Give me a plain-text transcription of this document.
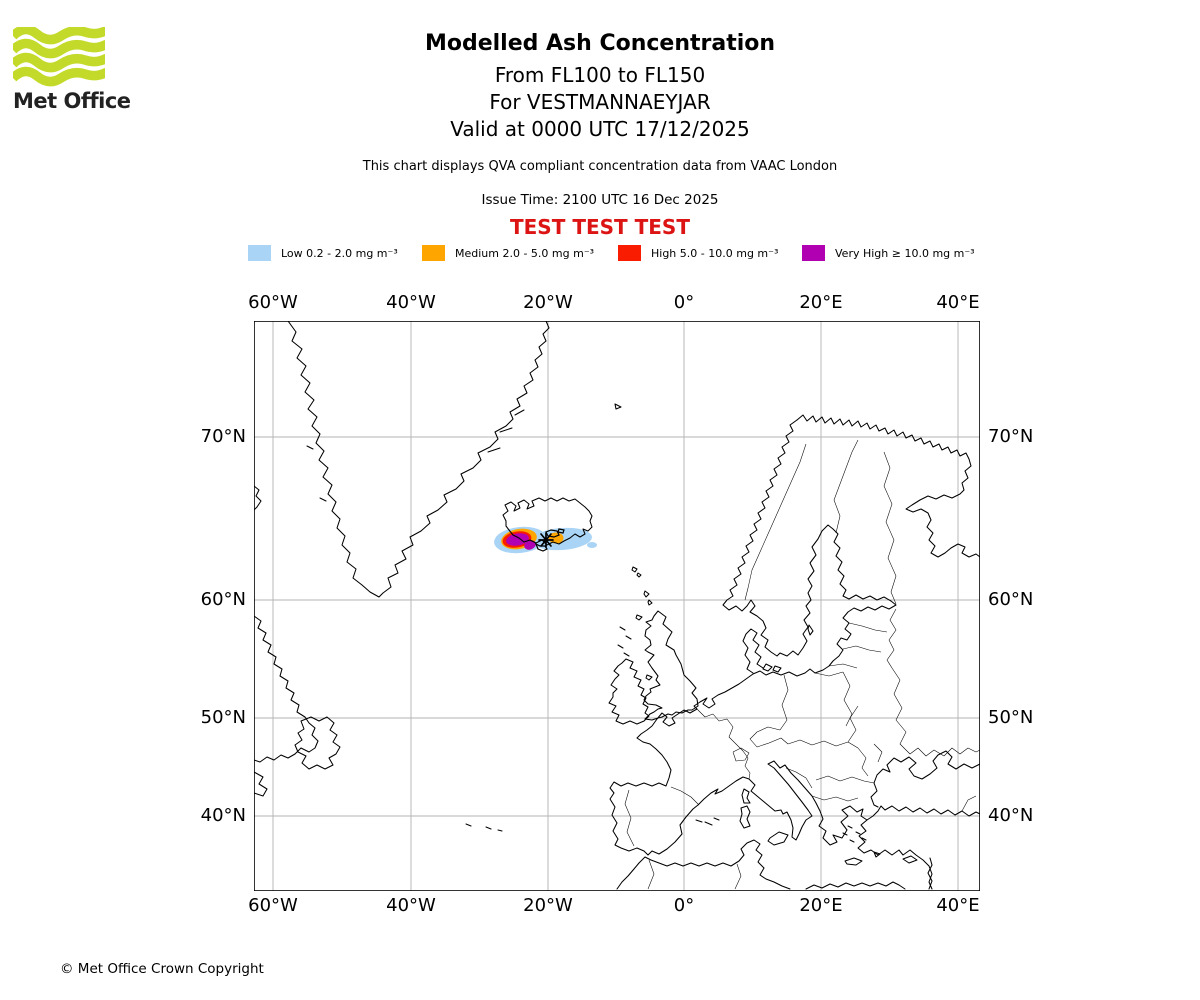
Met Office
Modelled Ash Concentration
From FL100 to FL150
For VESTMANNAEYJAR
Valid at 0000 UTC 17/12/2025
This chart displays QVA compliant concentration data from VAAC London
Issue Time: 2100 UTC 16 Dec 2025
TEST TEST TEST
Low 0.2 - 2.0 mg m⁻³	Medium 2.0 - 5.0 mg m⁻³	High 5.0 - 10.0 mg m⁻³	Very High ≥ 10.0 mg m⁻³
60°W	40°W	20°W	0°	20°E	40°E
60°W	40°W	20°W	0°	20°E	40°E
70°N
60°N
50°N
40°N
70°N
60°N
50°N
40°N
© Met Office Crown Copyright
